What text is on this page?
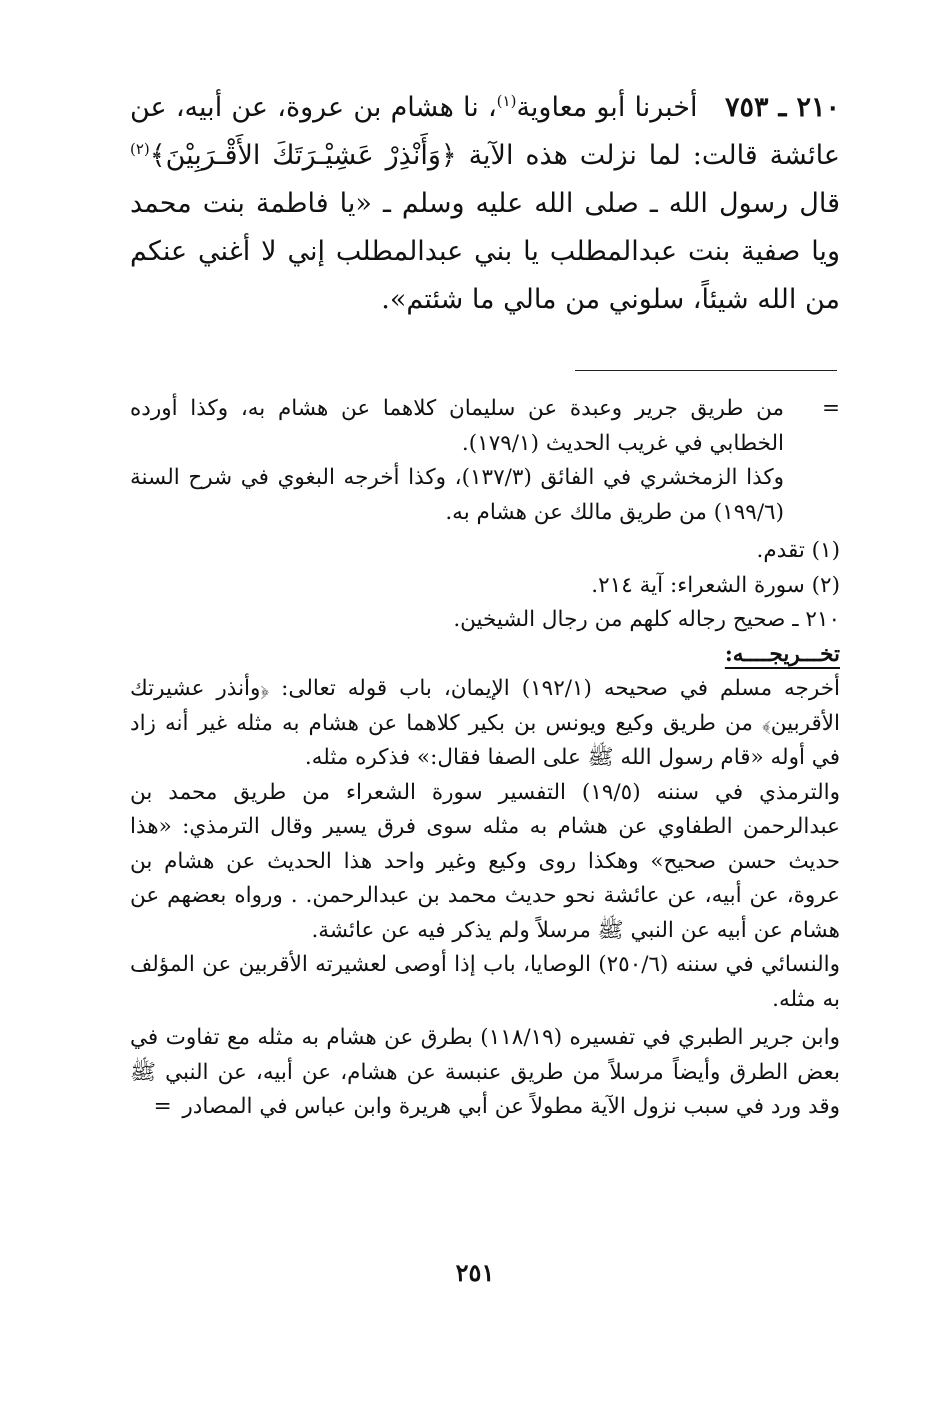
٢١٠ ـ ٧٥٣   أخبرنا أبو معاوية$^{(١)}$، نا هشام بن عروة، عن أبيه، عن عائشة قالت: لما نزلت هذه الآية ﴿وَأَنْذِرْ عَشِيْـرَتَكَ الأَقْـرَبِيْنَ﴾$^{(٢)}$ قال رسول الله ـ صلى الله عليه وسلم ـ «يا فاطمة بنت محمد ويا صفية بنت عبدالمطلب يا بني عبدالمطلب إني لا أغني عنكم من الله شيئاً، سلوني من مالي ما شئتم».

=
من طريق جرير وعبدة عن سليمان كلاهما عن هشام به، وكذا أورده الخطابي في غريب الحديث (١٧٩/١).

وكذا الزمخشري في الفائق (١٣٧/٣)، وكذا أخرجه البغوي في شرح السنة (١٩٩/٦) من طريق مالك عن هشام به.

(١) تقدم.

(٢) سورة الشعراء: آية ٢١٤.

٢١٠ ـ صحيح رجاله كلهم من رجال الشيخين.

تخـــريجــــه:

أخرجه مسلم في صحيحه (١٩٢/١) الإيمان، باب قوله تعالى: ﴿وأنذر عشيرتك الأقربين﴾ من طريق وكيع ويونس بن بكير كلاهما عن هشام به مثله غير أنه زاد في أوله «قام رسول الله ﷺ على الصفا فقال:» فذكره مثله.

والترمذي في سننه (١٩/٥) التفسير سورة الشعراء من طريق محمد بن عبدالرحمن الطفاوي عن هشام به مثله سوى فرق يسير وقال الترمذي: «هذا حديث حسن صحيح» وهكذا روى وكيع وغير واحد هذا الحديث عن هشام بن عروة، عن أبيه، عن عائشة نحو حديث محمد بن عبدالرحمن. . ورواه بعضهم عن هشام عن أبيه عن النبي ﷺ مرسلاً ولم يذكر فيه عن عائشة.

والنسائي في سننه (٢٥٠/٦) الوصايا، باب إذا أوصى لعشيرته الأقربين عن المؤلف به مثله.

وابن جرير الطبري في تفسيره (١١٨/١٩) بطرق عن هشام به مثله مع تفاوت في بعض الطرق وأيضاً مرسلاً من طريق عنبسة عن هشام، عن أبيه، عن النبي ﷺ وقد ورد في سبب نزول الآية مطولاً عن أبي هريرة وابن عباس في المصادر =

٢٥١
